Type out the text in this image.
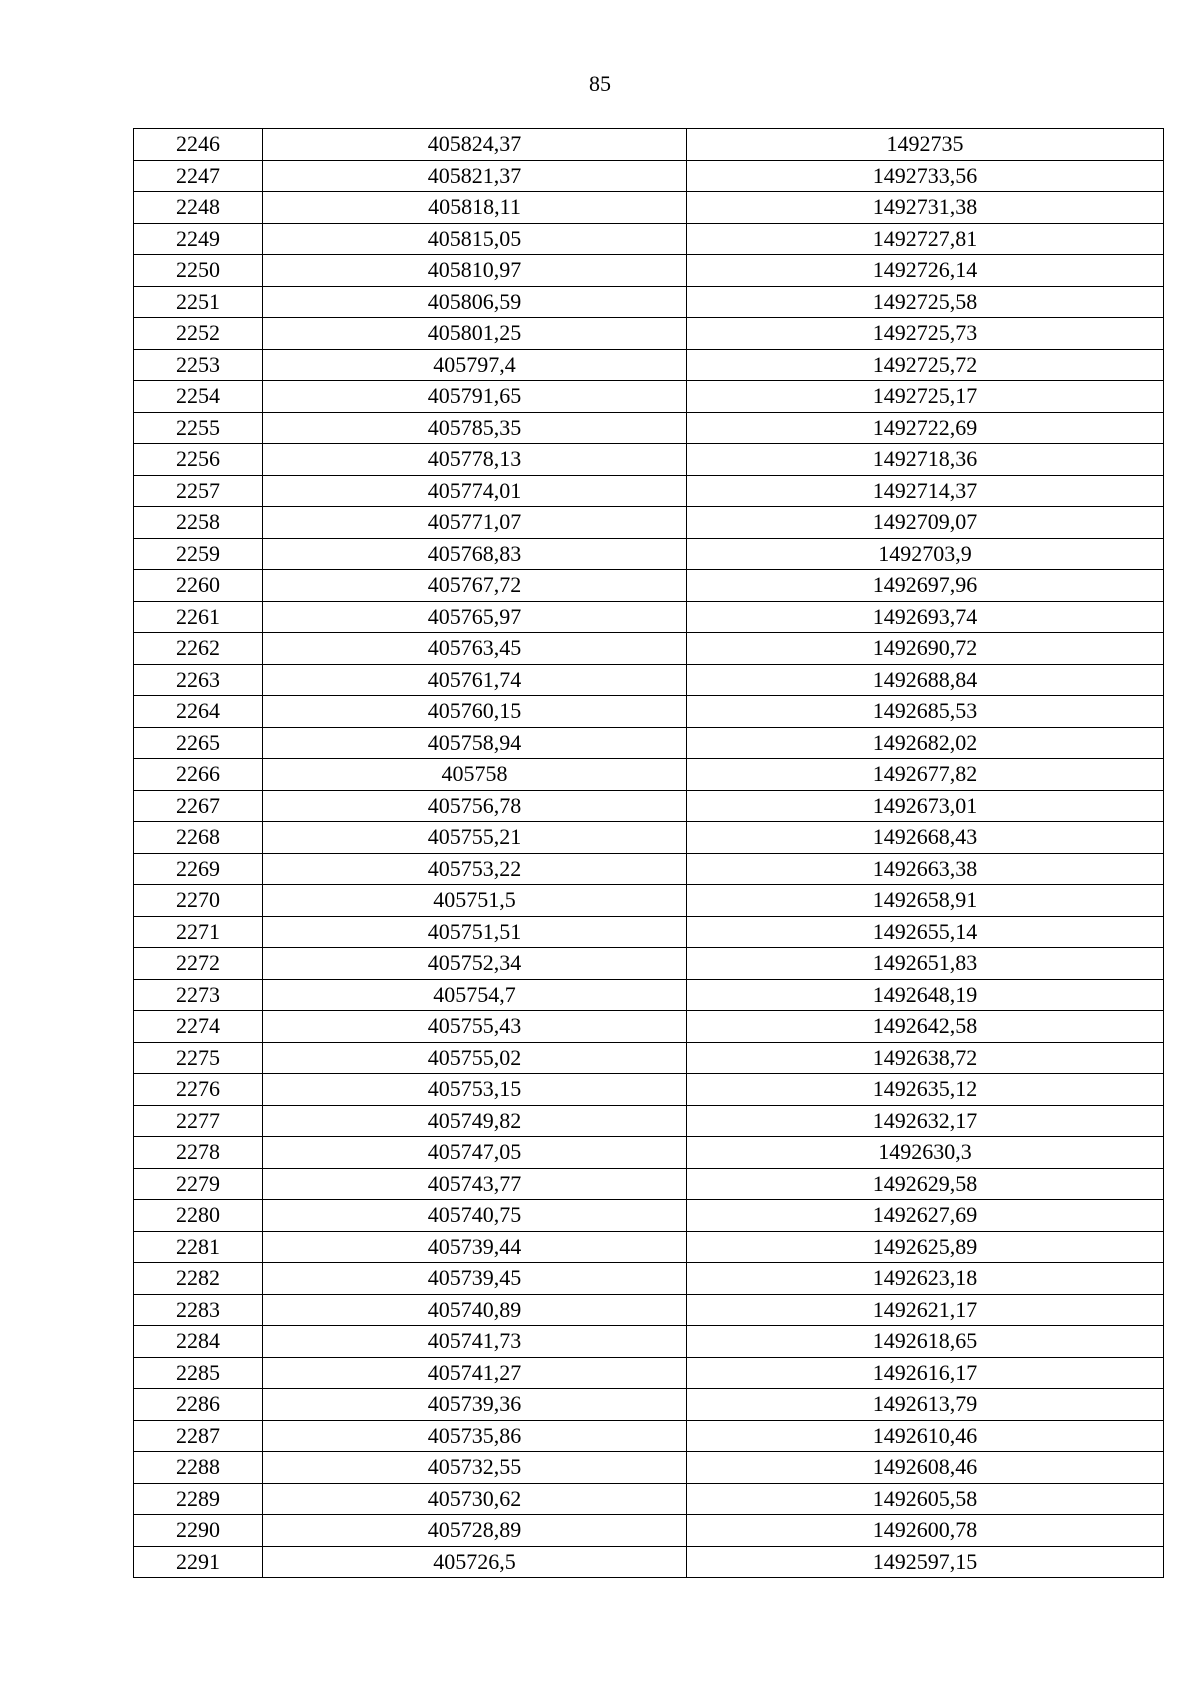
85
2246	405824,37	1492735
2247	405821,37	1492733,56
2248	405818,11	1492731,38
2249	405815,05	1492727,81
2250	405810,97	1492726,14
2251	405806,59	1492725,58
2252	405801,25	1492725,73
2253	405797,4	1492725,72
2254	405791,65	1492725,17
2255	405785,35	1492722,69
2256	405778,13	1492718,36
2257	405774,01	1492714,37
2258	405771,07	1492709,07
2259	405768,83	1492703,9
2260	405767,72	1492697,96
2261	405765,97	1492693,74
2262	405763,45	1492690,72
2263	405761,74	1492688,84
2264	405760,15	1492685,53
2265	405758,94	1492682,02
2266	405758	1492677,82
2267	405756,78	1492673,01
2268	405755,21	1492668,43
2269	405753,22	1492663,38
2270	405751,5	1492658,91
2271	405751,51	1492655,14
2272	405752,34	1492651,83
2273	405754,7	1492648,19
2274	405755,43	1492642,58
2275	405755,02	1492638,72
2276	405753,15	1492635,12
2277	405749,82	1492632,17
2278	405747,05	1492630,3
2279	405743,77	1492629,58
2280	405740,75	1492627,69
2281	405739,44	1492625,89
2282	405739,45	1492623,18
2283	405740,89	1492621,17
2284	405741,73	1492618,65
2285	405741,27	1492616,17
2286	405739,36	1492613,79
2287	405735,86	1492610,46
2288	405732,55	1492608,46
2289	405730,62	1492605,58
2290	405728,89	1492600,78
2291	405726,5	1492597,15
